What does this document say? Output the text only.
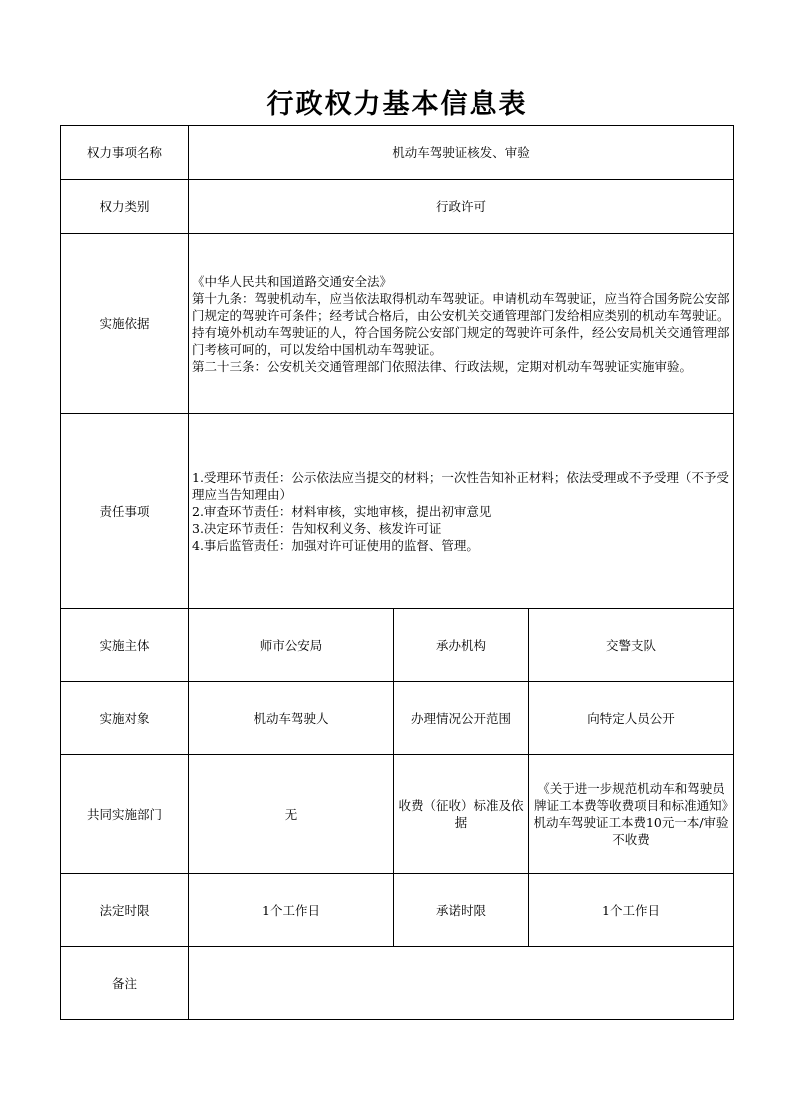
行政权力基本信息表
权力事项名称	机动车驾驶证核发、审验		
权力类别	行政许可		
实施依据	《中华人民共和国道路交通安全法》
第十九条：驾驶机动车，应当依法取得机动车驾驶证。申请机动车驾驶证，应当符合国务院公安部门规定的驾驶许可条件；经考试合格后，由公安机关交通管理部门发给相应类别的机动车驾驶证。持有境外机动车驾驶证的人，符合国务院公安部门规定的驾驶许可条件，经公安局机关交通管理部门考核可呵的，可以发给中国机动车驾驶证。
第二十三条：公安机关交通管理部门依照法律、行政法规，定期对机动车驾驶证实施审验。		

责任事项	1.受理环节责任：公示依法应当提交的材料；一次性告知补正材料；依法受理或不予受理（不予受理应当告知理由）
2.审查环节责任：材料审核，实地审核，提出初审意见
3.决定环节责任：告知权利义务、核发许可证
4.事后监管责任：加强对许可证使用的监督、管理。		

实施主体	师市公安局	承办机构	交警支队
实施对象	机动车驾驶人	办理情况公开范围	向特定人员公开
共同实施部门	无	收费（征收）标准及依据	《关于进一步规范机动车和驾驶员牌证工本费等收费项目和标准通知》机动车驾驶证工本费10元一本/审验不收费
法定时限	1个工作日	承诺时限	1个工作日
备注			
